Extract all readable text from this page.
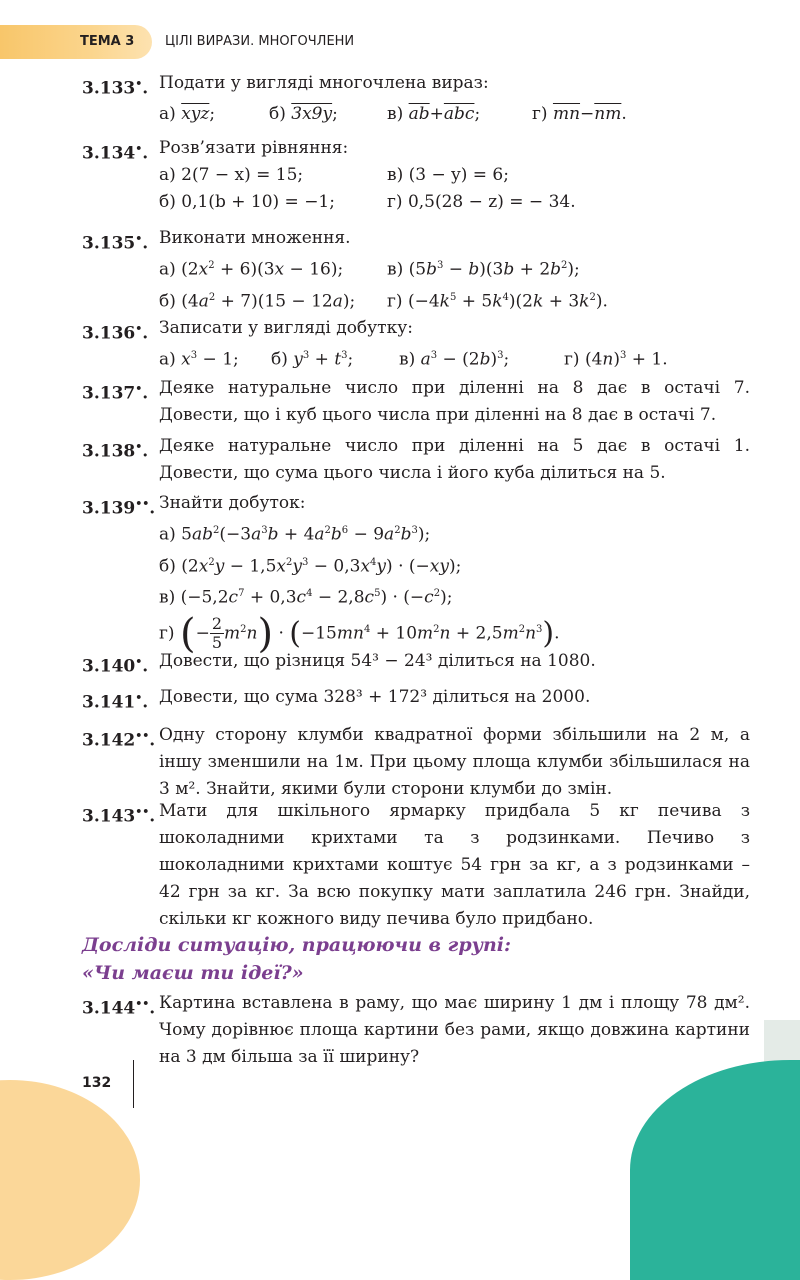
ТЕМА 3 ЦІЛІ ВИРАЗИ. МНОГОЧЛЕНИ
3.133•. Подати у вигляді многочлена вираз:
а) $\overline{xyz}$;	б) 3x9y;	в) $\overline{ab}+\overline{abc}$;	г) $\overline{mn}-\overline{nm}$.
3.134•. Розв’язати рівняння:
а) 2(7 − x) = 15;	в) (3 − y) = 6;
б) 0,1(b + 10) = −1;	г) 0,5(28 − z) = − 34.
3.135•. Виконати множення.
а) $(2x^2 + 6)(3x - 16)$;	в) $(5b^3 - b)(3b + 2b^2)$;
б) $(4a^2 + 7)(15 - 12a)$;	г) $(-4k^5 + 5k^4)(2k + 3k^2)$.
3.136•. Записати у вигляді добутку:
а) $x^3 - 1$;	б) $y^3 + t^3$;	в) $a^3 - (2b)^3$;	г) $(4n)^3 + 1$.
3.137•. Деяке натуральне число при діленні на 8 дає в остачі 7. Довести, що і куб цього числа при діленні на 8 дає в остачі 7.
3.138•. Деяке натуральне число при діленні на 5 дає в остачі 1. Довести, що сума цього числа і його куба ділиться на 5.
3.139••. Знайти добуток:
а) $5ab^2(-3a^3b + 4a^2b^6 - 9a^2b^3)$;
б) $(2x^2y - 1,5x^2y^3 - 0,3x^4y) \cdot (-xy)$;
в) $(-5,2c^7 + 0,3c^4 - 2,8c^5) \cdot (-c^2)$;
г) (− $\frac{2}{5} m^2n) \cdot (-15mn^4 + 10m^2n + 2,5m^2n^3)$.
3.140•. Довести, що різниця 54³ − 24³ ділиться на 1080.
3.141•. Довести, що сума 328³ + 172³ ділиться на 2000.
3.142••. Одну сторону клумби квадратної форми збільшили на 2 м, а іншу зменшили на 1м. При цьому площа клумби збільшилася на 3 м². Знайти, якими були сторони клумби до змін.
3.143••. Мати для шкільного ярмарку придбала 5 кг печива з шоколадними крихтами та з родзинками. Печиво з шоколадними крихтами коштує 54 грн за кг, а з родзинками – 42 грн за кг. За всю покупку мати заплатила 246 грн. Знайди, скільки кг кожного виду печива було придбано.
Досліди ситуацію, працюючи в групі:
«Чи маєш ти ідеї?»
3.144••. Картина вставлена в раму, що має ширину 1 дм і площу 78 дм². Чому дорівнює площа картини без рами, якщо довжина картини на 3 дм більша за її ширину?
132
